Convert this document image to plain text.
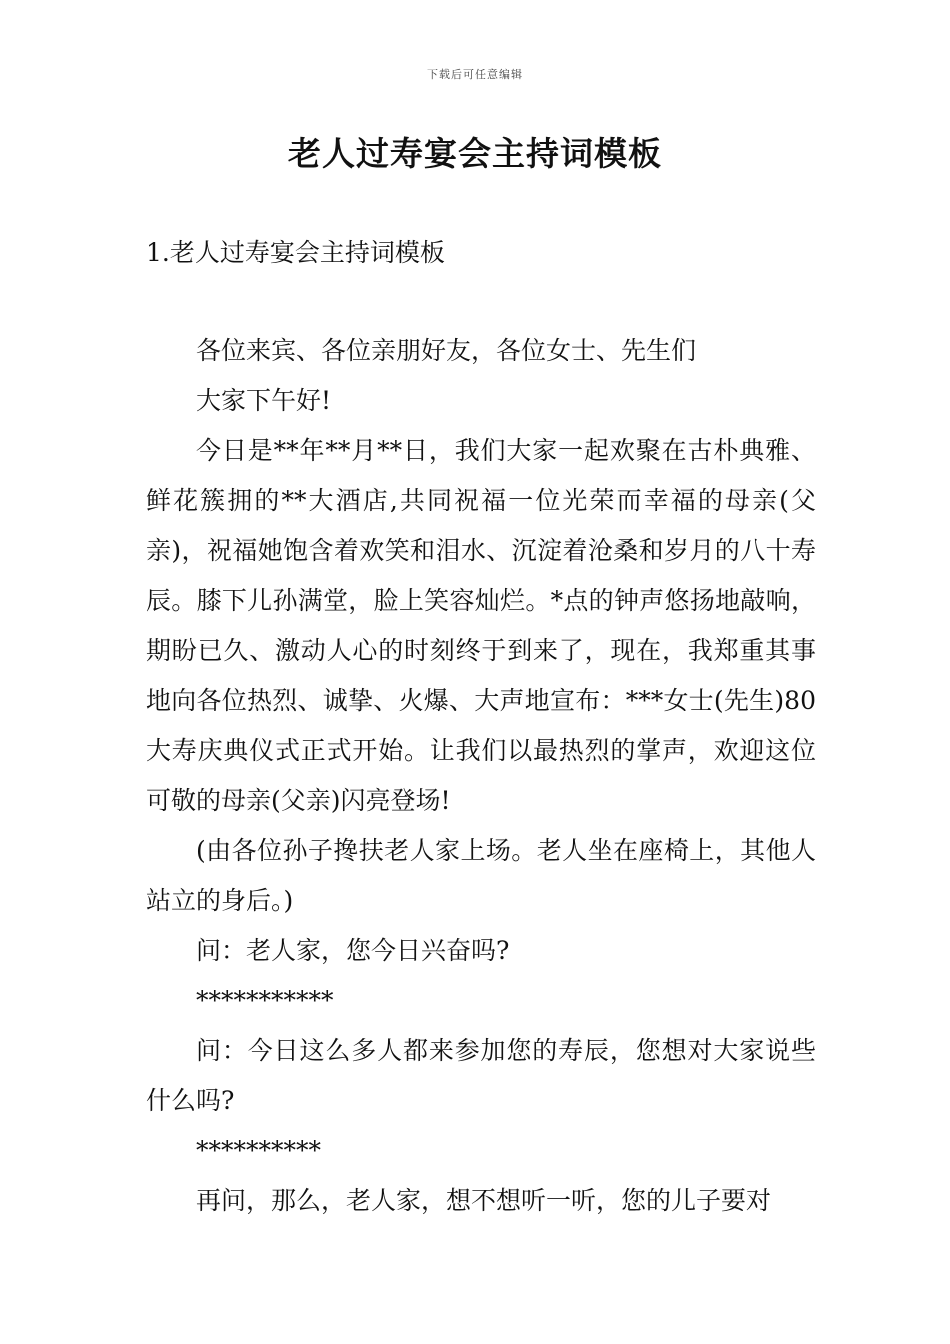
下载后可任意编辑
老人过寿宴会主持词模板
1.老人过寿宴会主持词模板

各位来宾、各位亲朋好友，各位女士、先生们

大家下午好!

今日是**年**月**日，我们大家一起欢聚在古朴典雅、鲜花簇拥的**大酒店,共同祝福一位光荣而幸福的母亲(父亲)，祝福她饱含着欢笑和泪水、沉淀着沧桑和岁月的八十寿辰。膝下儿孙满堂，脸上笑容灿烂。*点的钟声悠扬地敲响，期盼已久、激动人心的时刻终于到来了，现在，我郑重其事地向各位热烈、诚挚、火爆、大声地宣布：***女士(先生)80大寿庆典仪式正式开始。让我们以最热烈的掌声，欢迎这位可敬的母亲(父亲)闪亮登场!

(由各位孙子搀扶老人家上场。老人坐在座椅上，其他人站立的身后。)

问：老人家，您今日兴奋吗?

***********

问：今日这么多人都来参加您的寿辰，您想对大家说些什么吗?

**********

再问，那么，老人家，想不想听一听，您的儿子要对
